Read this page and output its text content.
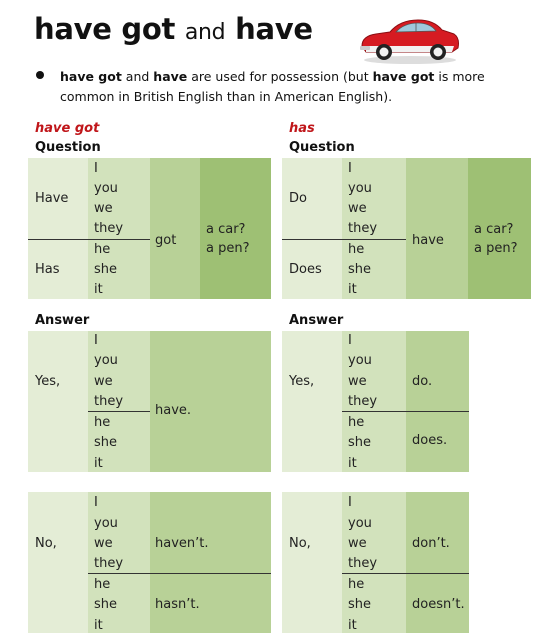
have got and have
have got and have are used for possession (but have got is more common in British English than in American English).
have got
Question
Have
Has
I
you
we
they
he
she
it
got
a car?
a pen?
Answer
Yes,
I
you
we
they
he
she
it
have.
No,
I
you
we
they
he
she
it
haven’t.
hasn’t.
has
Question
Do
Does
I
you
we
they
he
she
it
have
a car?
a pen?
Answer
Yes,
I
you
we
they
he
she
it
do.
does.
No,
I
you
we
they
he
she
it
don’t.
doesn’t.
